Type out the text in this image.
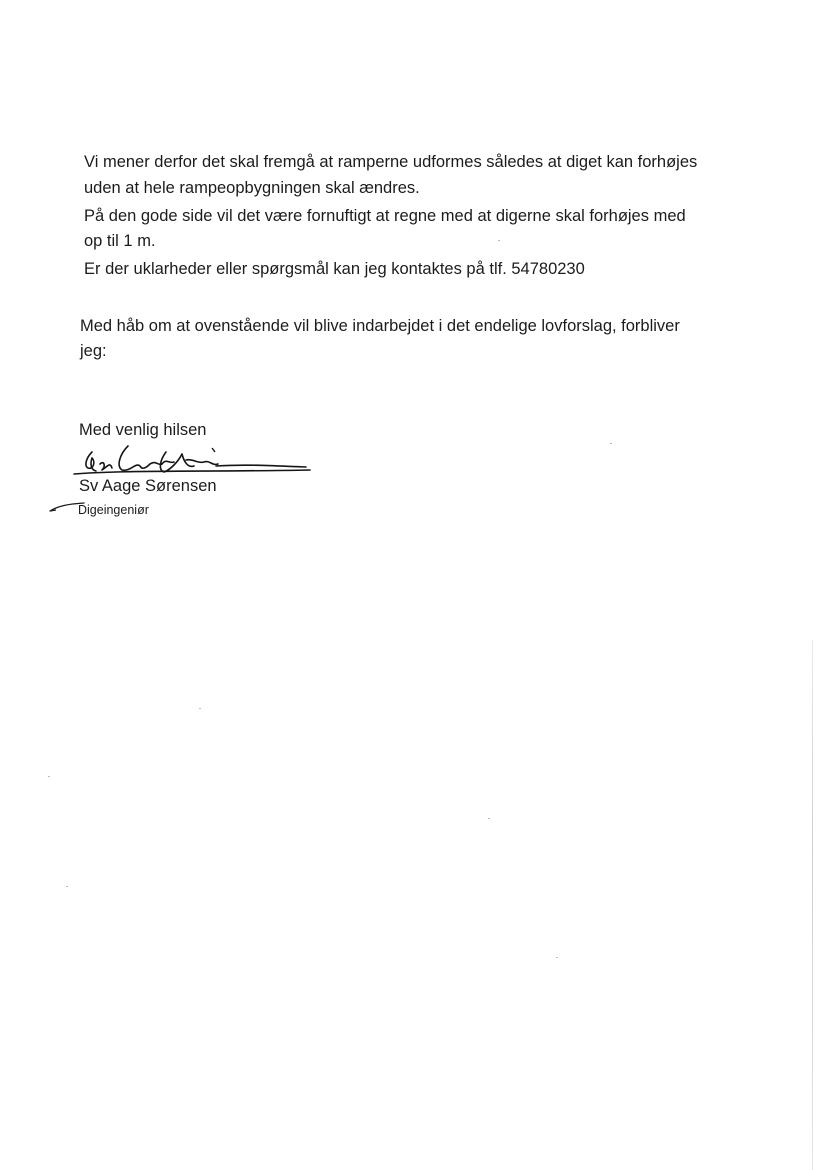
Vi mener derfor det skal fremgå at ramperne udformes således at diget kan forhøjes
uden at hele rampeopbygningen skal ændres.
På den gode side vil det være fornuftigt at regne med at digerne skal forhøjes med
op til 1 m.
Er der uklarheder eller spørgsmål kan jeg kontaktes på tlf. 54780230
Med håb om at ovenstående vil blive indarbejdet i det endelige lovforslag, forbliver
jeg:
Med venlig hilsen
Sv Aage Sørensen
Digeingeniør
